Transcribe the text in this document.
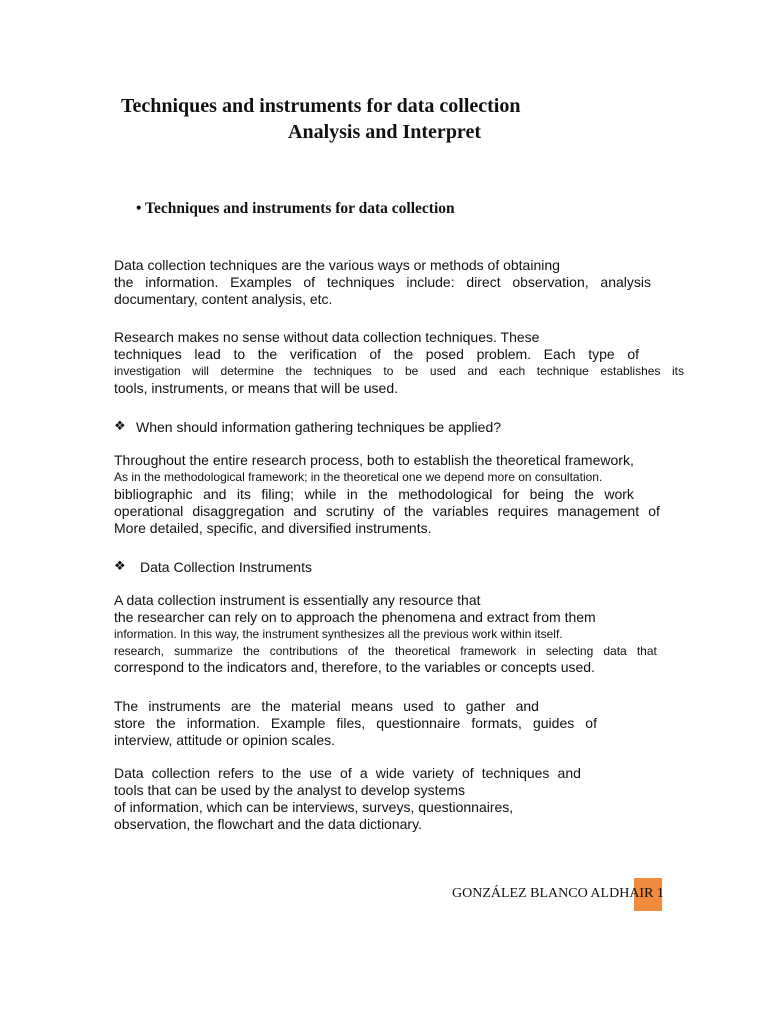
Techniques and instruments for data collection
Analysis and Interpret
• Techniques and instruments for data collection
Data collection techniques are the various ways or methods of obtaining
the information. Examples of techniques include: direct observation, analysis
documentary, content analysis, etc.
Research makes no sense without data collection techniques. These
techniques lead to the verification of the posed problem. Each type of
investigation will determine the techniques to be used and each technique establishes its
tools, instruments, or means that will be used.
❖ When should information gathering techniques be applied?
Throughout the entire research process, both to establish the theoretical framework,
As in the methodological framework; in the theoretical one we depend more on consultation.
bibliographic and its filing; while in the methodological for being the work
operational disaggregation and scrutiny of the variables requires management of
More detailed, specific, and diversified instruments.
❖ Data Collection Instruments
A data collection instrument is essentially any resource that
the researcher can rely on to approach the phenomena and extract from them
information. In this way, the instrument synthesizes all the previous work within itself.
research, summarize the contributions of the theoretical framework in selecting data that
correspond to the indicators and, therefore, to the variables or concepts used.
The instruments are the material means used to gather and
store the information. Example files, questionnaire formats, guides of
interview, attitude or opinion scales.
Data collection refers to the use of a wide variety of techniques and
tools that can be used by the analyst to develop systems
of information, which can be interviews, surveys, questionnaires,
observation, the flowchart and the data dictionary.
GONZÁLEZ BLANCO ALDHAIR 1
